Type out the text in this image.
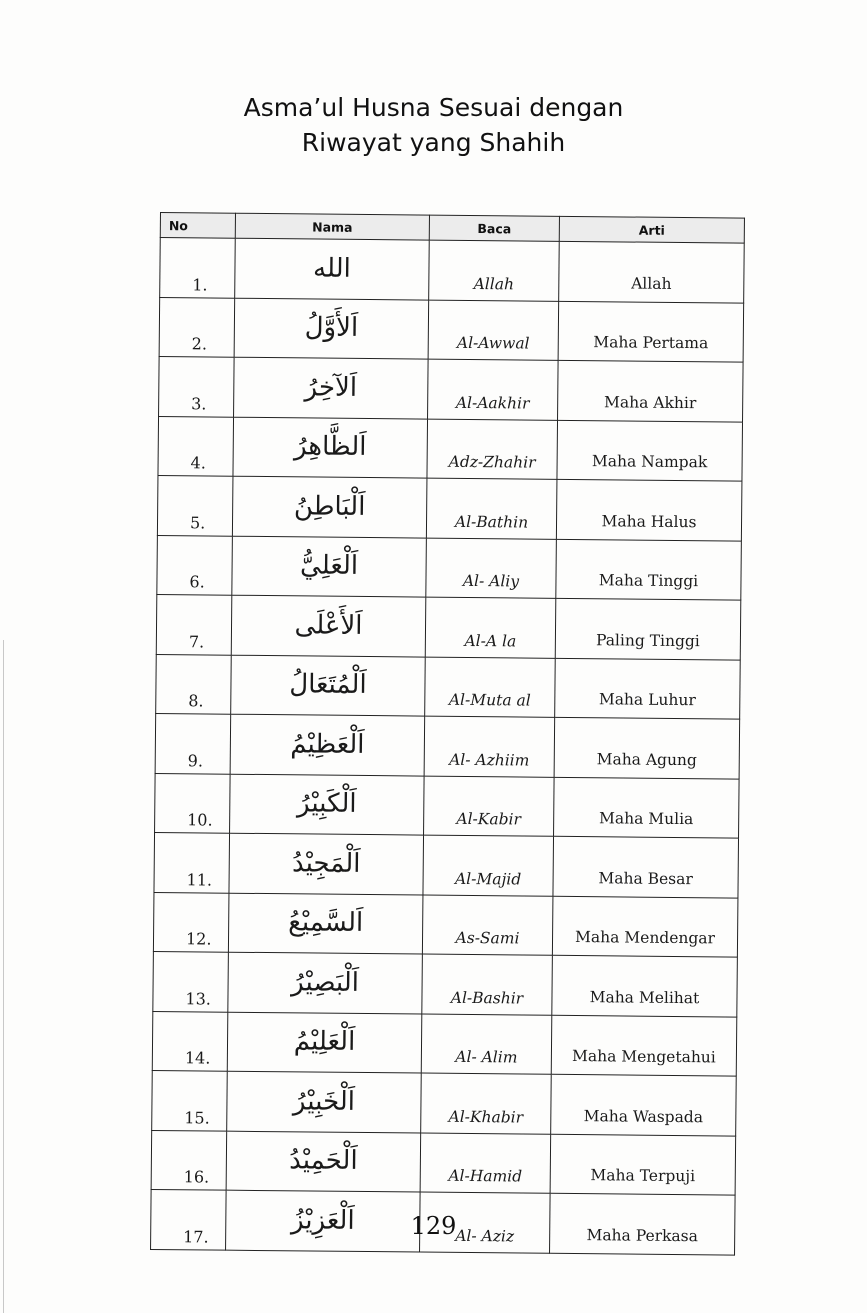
Asma’ul Husna Sesuai dengan
Riwayat yang Shahih
No	Nama	Baca	Arti
1.	الله	Allah	Allah
2.	اَلأَوَّلُ	Al-Awwal	Maha Pertama
3.	اَلآخِرُ	Al-Aakhir	Maha Akhir
4.	اَلظَّاهِرُ	Adz-Zhahir	Maha Nampak
5.	اَلْبَاطِنُ	Al-Bathin	Maha Halus
6.	اَلْعَلِيُّ	Al- Aliy	Maha Tinggi
7.	اَلأَعْلَى	Al-A la	Paling Tinggi
8.	اَلْمُتَعَالُ	Al-Muta al	Maha Luhur
9.	اَلْعَظِيْمُ	Al- Azhiim	Maha Agung
10.	اَلْكَبِيْرُ	Al-Kabir	Maha Mulia
11.	اَلْمَجِيْدُ	Al-Majid	Maha Besar
12.	اَلسَّمِيْعُ	As-Sami	Maha Mendengar
13.	اَلْبَصِيْرُ	Al-Bashir	Maha Melihat
14.	اَلْعَلِيْمُ	Al- Alim	Maha Mengetahui
15.	اَلْخَبِيْرُ	Al-Khabir	Maha Waspada
16.	اَلْحَمِيْدُ	Al-Hamid	Maha Terpuji
17.	اَلْعَزِيْزُ	Al- Aziz	Maha Perkasa
129
